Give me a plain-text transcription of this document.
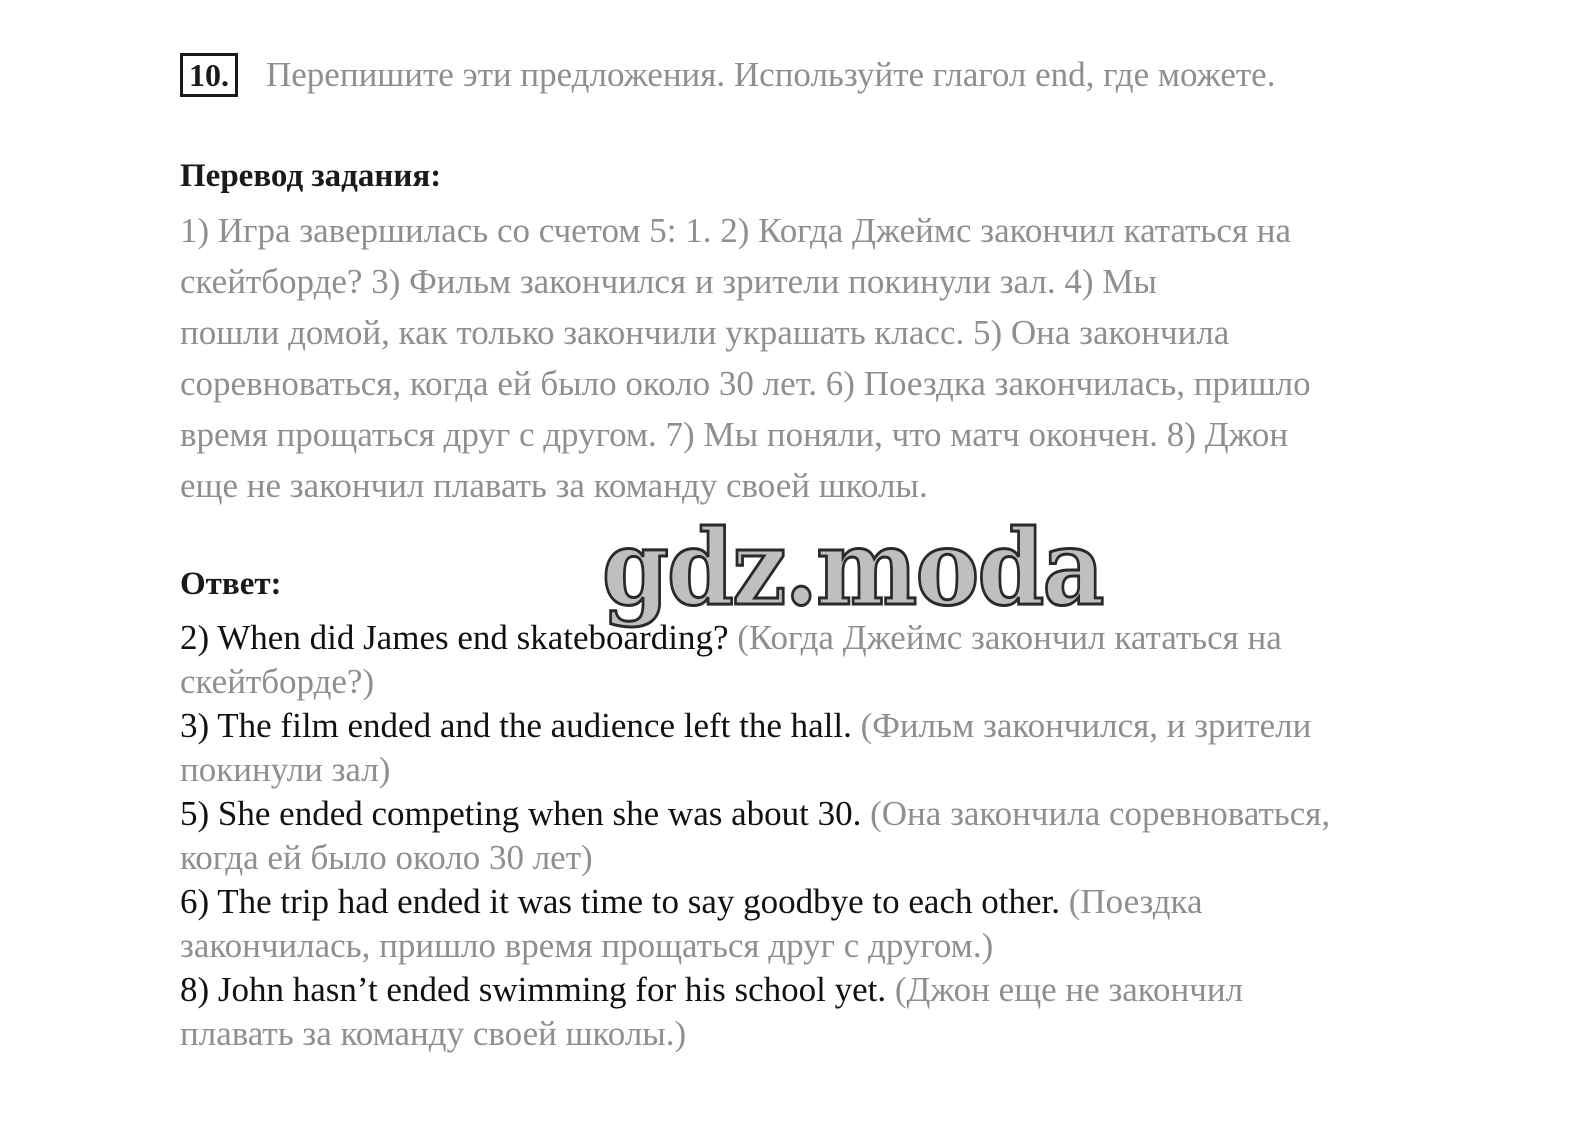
10. Перепишите эти предложения. Используйте глагол end, где можете.
Перевод задания:
1) Игра завершилась со счетом 5: 1. 2) Когда Джеймс закончил кататься на
скейтборде? 3) Фильм закончился и зрители покинули зал. 4) Мы
пошли домой, как только закончили украшать класс. 5) Она закончила
соревноваться, когда ей было около 30 лет. 6) Поездка закончилась, пришло
время прощаться друг с другом. 7) Мы поняли, что матч окончен. 8) Джон
еще не закончил плавать за команду своей школы.
gdz.moda
Ответ:
2) When did James end skateboarding? (Когда Джеймс закончил кататься на
скейтборде?)
3) The film ended and the audience left the hall. (Фильм закончился, и зрители
покинули зал)
5) She ended competing when she was about 30. (Она закончила соревноваться,
когда ей было около 30 лет)
6) The trip had ended it was time to say goodbye to each other. (Поездка
закончилась, пришло время прощаться друг с другом.)
8) John hasn’t ended swimming for his school yet. (Джон еще не закончил
плавать за команду своей школы.)
